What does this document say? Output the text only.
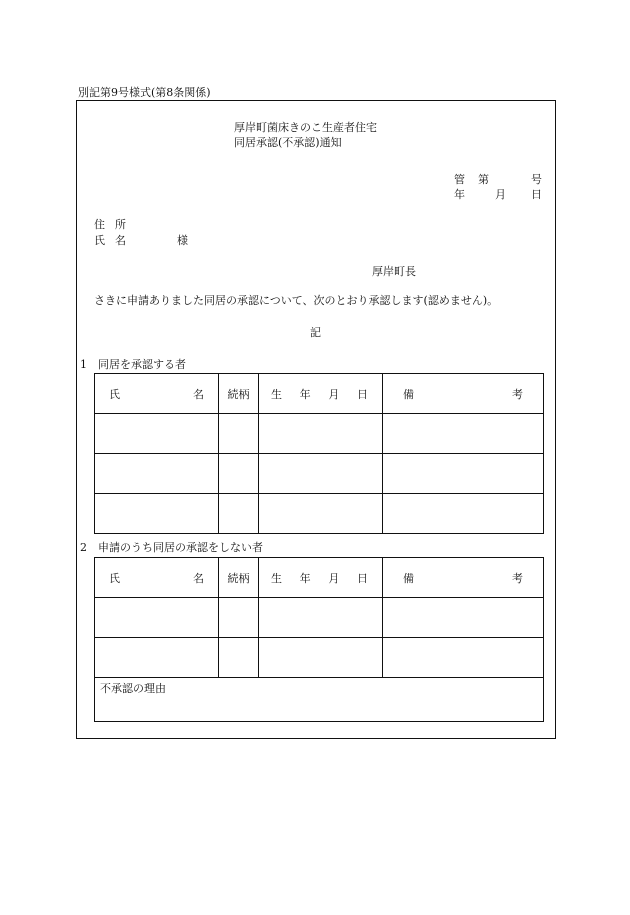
別記第9号様式(第8条関係)
厚岸町菌床きのこ生産者住宅
同居承認(不承認)通知
管 第	号
年	月 日
住 所
氏 名	様
厚岸町長
さきに申請ありました同居の承認について、次のとおり承認します(認めません)。
記
1　同居を承認する者
氏 名	続柄	生 年 月 日	備 考

2　申請のうち同居の承認をしない者
氏 名	続柄	生 年 月 日	備 考

不承認の理由			
